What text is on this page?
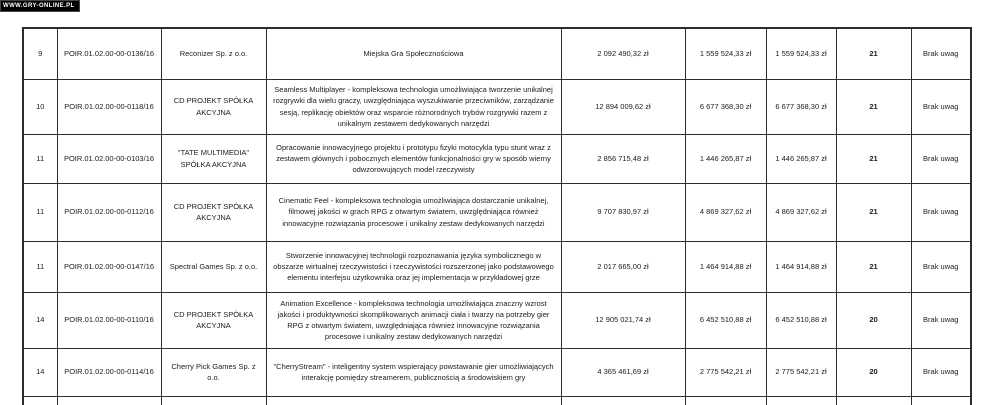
WWW.GRY-ONLINE.PL
9	POIR.01.02.00-00-0136/16	Reconizer Sp. z o.o.	Miejska Gra Społecznościowa	2 092 490,32 zł	1 559 524,33 zł	1 559 524,33 zł	21	Brak uwag
10	POIR.01.02.00-00-0118/16	CD PROJEKT SPÓŁKA AKCYJNA	Seamless Multiplayer - kompleksowa technologia umożliwiająca tworzenie unikalnej rozgrywki dla wielu graczy, uwzględniająca wyszukiwanie przeciwników, zarządzanie sesją, replikację obiektów oraz wsparcie różnorodnych trybów rozgrywki razem z unikalnym zestawem dedykowanych narzędzi	12 894 009,62 zł	6 677 368,30 zł	6 677 368,30 zł	21	Brak uwag
11	POIR.01.02.00-00-0103/16	"TATE MULTIMEDIA" SPÓŁKA AKCYJNA	Opracowanie innowacyjnego projektu i prototypu fizyki motocykla typu stunt wraz z zestawem głównych i pobocznych elementów funkcjonalności gry w sposób wierny odwzorowujących model rzeczywisty	2 856 715,48 zł	1 446 265,87 zł	1 446 265,87 zł	21	Brak uwag
11	POIR.01.02.00-00-0112/16	CD PROJEKT SPÓŁKA AKCYJNA	Cinematic Feel - kompleksowa technologia umożliwiająca dostarczanie unikalnej, filmowej jakości w grach RPG z otwartym światem, uwzględniająca również innowacyjne rozwiązania procesowe i unikalny zestaw dedykowanych narzędzi	9 707 830,97 zł	4 869 327,62 zł	4 869 327,62 zł	21	Brak uwag
11	POIR.01.02.00-00-0147/16	Spectral Games Sp. z o.o.	Stworzenie innowacyjnej technologii rozpoznawania języka symbolicznego w obszarze wirtualnej rzeczywistości i rzeczywistości rozszerzonej jako podstawowego elementu interfejsu użytkownika oraz jej implementacja w przykładowej grze	2 017 665,00 zł	1 464 914,88 zł	1 464 914,88 zł	21	Brak uwag
14	POIR.01.02.00-00-0110/16	CD PROJEKT SPÓŁKA AKCYJNA	Animation Excellence - kompleksowa technologia umożliwiająca znaczny wzrost jakości i produktywności skomplikowanych animacji ciała i twarzy na potrzeby gier RPG z otwartym światem, uwzględniająca również innowacyjne rozwiązania procesowe i unikalny zestaw dedykowanych narzędzi	12 905 021,74 zł	6 452 510,88 zł	6 452 510,88 zł	20	Brak uwag
14	POIR.01.02.00-00-0114/16	Cherry Pick Games Sp. z o.o.	"CherryStream" - inteligentny system wspierający powstawanie gier umożliwiających interakcję pomiędzy streamerem, publicznością a środowiskiem gry	4 365 461,69 zł	2 775 542,21 zł	2 775 542,21 zł	20	Brak uwag
